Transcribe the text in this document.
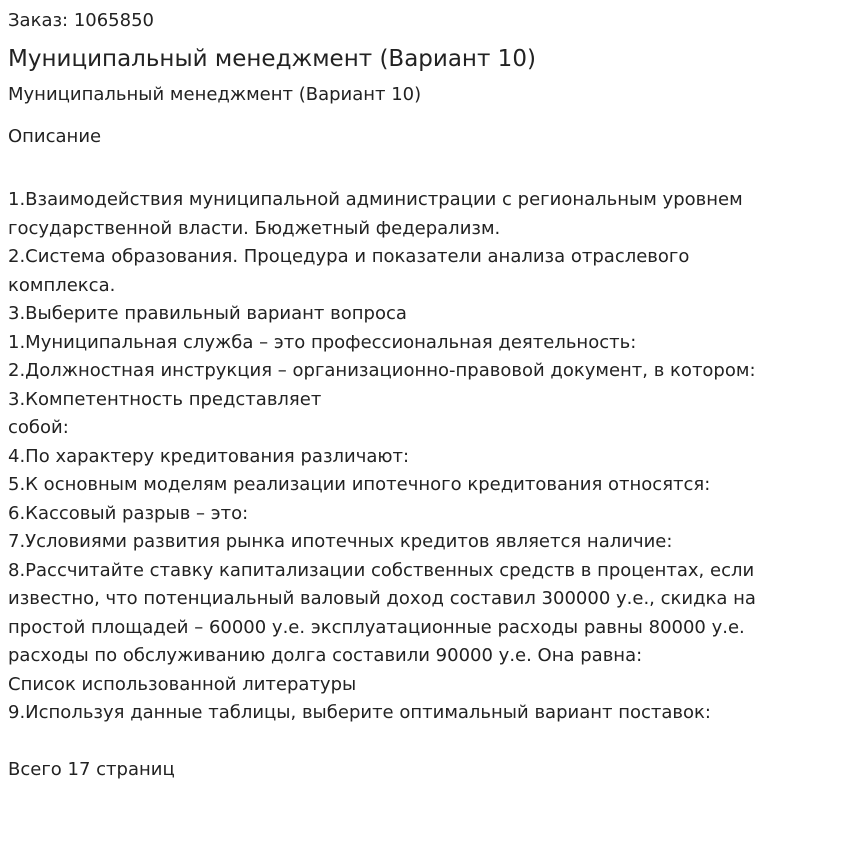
Заказ: 1065850
Муниципальный менеджмент (Вариант 10)
Муниципальный менеджмент (Вариант 10)
Описание
1.Взаимодействия муниципальной администрации с региональным уровнем
государственной власти. Бюджетный федерализм.
2.Система образования. Процедура и показатели анализа отраслевого
комплекса.
3.Выберите правильный вариант вопроса
1.Муниципальная служба – это профессиональная деятельность:
2.Должностная инструкция – организационно-правовой документ, в котором:
3.Компетентность представляет
собой:
4.По характеру кредитования различают:
5.К основным моделям реализации ипотечного кредитования относятся:
6.Кассовый разрыв – это:
7.Условиями развития рынка ипотечных кредитов является наличие:
8.Рассчитайте ставку капитализации собственных средств в процентах, если
известно, что потенциальный валовый доход составил 300000 у.е., скидка на
простой площадей – 60000 у.е. эксплуатационные расходы равны 80000 у.е.
расходы по обслуживанию долга составили 90000 у.е. Она равна:
Список использованной литературы
9.Используя данные таблицы, выберите оптимальный вариант поставок:
Всего 17 страниц
